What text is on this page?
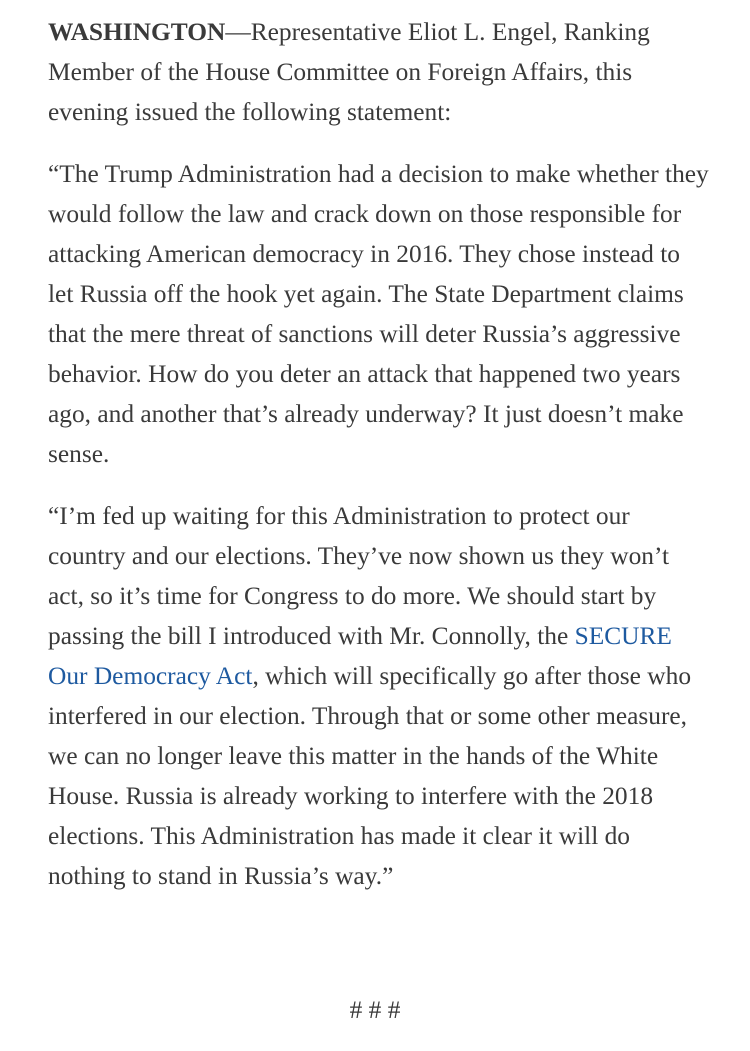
WASHINGTON—Representative Eliot L. Engel, Ranking Member of the House Committee on Foreign Affairs, this evening issued the following statement:

“The Trump Administration had a decision to make whether they would follow the law and crack down on those responsible for attacking American democracy in 2016. They chose instead to let Russia off the hook yet again. The State Department claims that the mere threat of sanctions will deter Russia’s aggressive behavior. How do you deter an attack that happened two years ago, and another that’s already underway? It just doesn’t make sense.

“I’m fed up waiting for this Administration to protect our country and our elections. They’ve now shown us they won’t act, so it’s time for Congress to do more. We should start by passing the bill I introduced with Mr. Connolly, the SECURE Our Democracy Act, which will specifically go after those who interfered in our election. Through that or some other measure, we can no longer leave this matter in the hands of the White House. Russia is already working to interfere with the 2018 elections. This Administration has made it clear it will do nothing to stand in Russia’s way.”

# # #
